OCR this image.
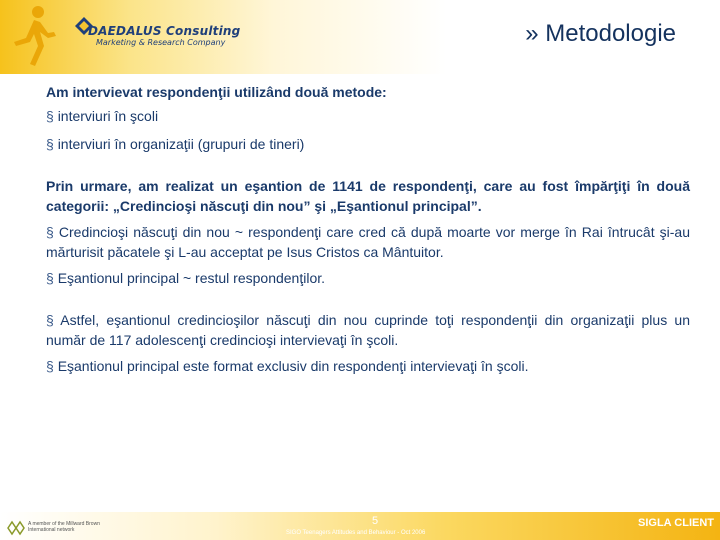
DAEDALUS Consulting
Marketing & Research Company	» Metodologie

Am intervievat respondenţii utilizând două metode:

§ interviuri în şcoli

§ interviuri în organizaţii (grupuri de tineri)

Prin urmare, am realizat un eşantion de 1141 de respondenţi, care au fost împărţiţi în două categorii: „Credincioşi născuţi din nou” şi „Eşantionul principal”.

§ Credincioşi născuţi din nou ~ respondenţi care cred că după moarte vor merge în Rai întrucât şi-au mărturisit păcatele şi L-au acceptat pe Isus Cristos ca Mântuitor.

§ Eşantionul principal ~ restul respondenţilor.

§ Astfel, eşantionul credincioşilor născuţi din nou cuprinde toţi respondenţii din organizaţii plus un număr de 117 adolescenţi credincioşi intervievaţi în şcoli.

§ Eşantionul principal este format exclusiv din respondenţi intervievaţi în şcoli.

A member of the Millward Brown International network
5
SIGO Teenagers Attitudes and Behaviour - Oct 2006
SIGLA CLIENT
